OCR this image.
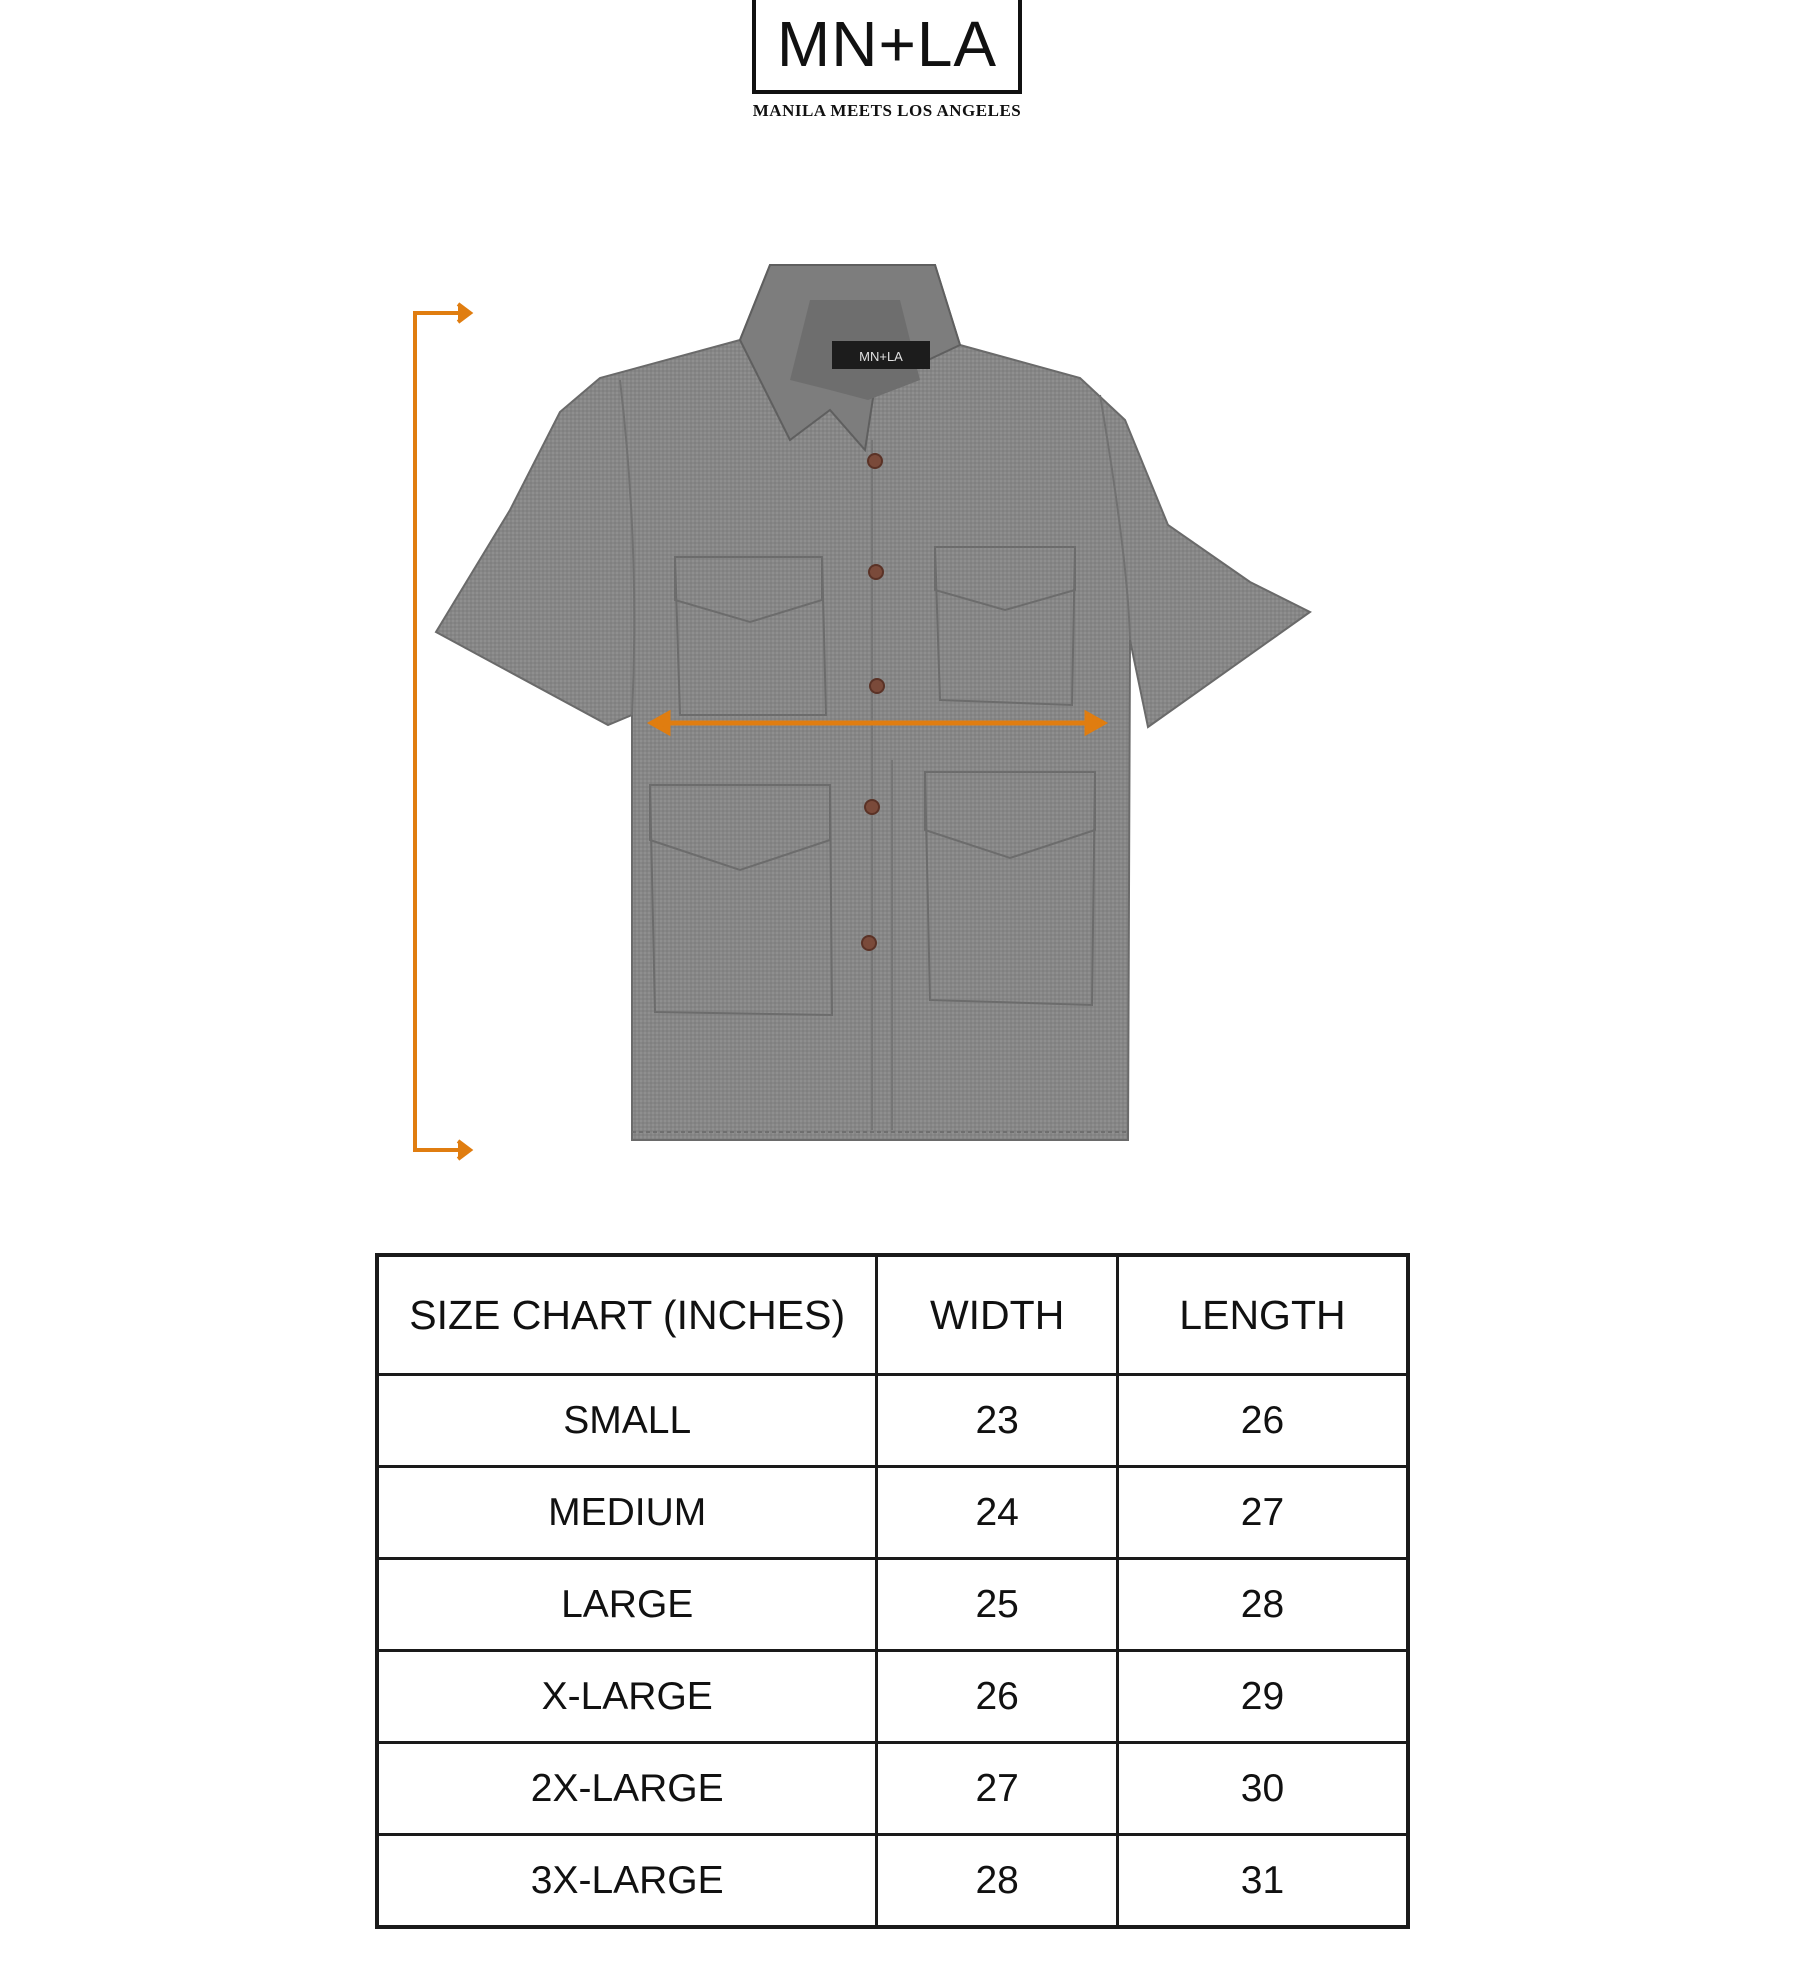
MN+LA
MANILA MEETS LOS ANGELES
MN+LA
SIZE CHART (INCHES)	WIDTH	LENGTH
SMALL	23	26
MEDIUM	24	27
LARGE	25	28
X-LARGE	26	29
2X-LARGE	27	30
3X-LARGE	28	31
